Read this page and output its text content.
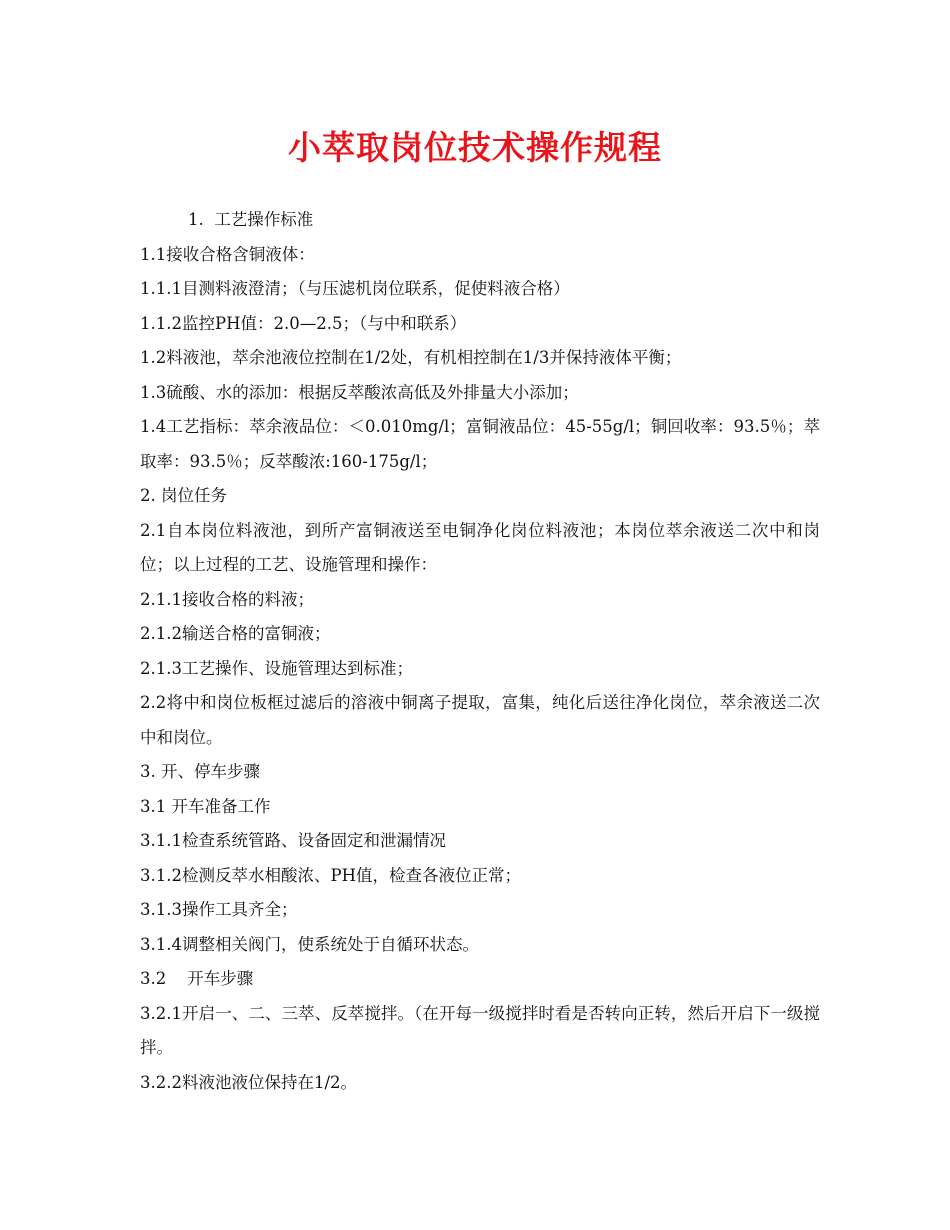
小萃取岗位技术操作规程

1.  工艺操作标准

1.1接收合格含铜液体：

1.1.1目测料液澄清；（与压滤机岗位联系，促使料液合格）

1.1.2监控PH值：2.0—2.5；（与中和联系）

1.2料液池，萃余池液位控制在1/2处，有机相控制在1/3并保持液体平衡；

1.3硫酸、水的添加：根据反萃酸浓高低及外排量大小添加；

1.4工艺指标：萃余液品位：＜0.010mg/l；富铜液品位：45-55g/l；铜回收率：93.5％；萃取率：93.5％；反萃酸浓:160-175g/l；

2. 岗位任务

2.1自本岗位料液池，到所产富铜液送至电铜净化岗位料液池；本岗位萃余液送二次中和岗位；以上过程的工艺、设施管理和操作：

2.1.1接收合格的料液；

2.1.2输送合格的富铜液；

2.1.3工艺操作、设施管理达到标准；

2.2将中和岗位板框过滤后的溶液中铜离子提取，富集，纯化后送往净化岗位，萃余液送二次中和岗位。

3. 开、停车步骤

3.1 开车准备工作

3.1.1检查系统管路、设备固定和泄漏情况

3.1.2检测反萃水相酸浓、PH值，检查各液位正常；

3.1.3操作工具齐全；

3.1.4调整相关阀门，使系统处于自循环状态。

3.2    开车步骤

3.2.1开启一、二、三萃、反萃搅拌。（在开每一级搅拌时看是否转向正转，然后开启下一级搅拌。

3.2.2料液池液位保持在1/2。
